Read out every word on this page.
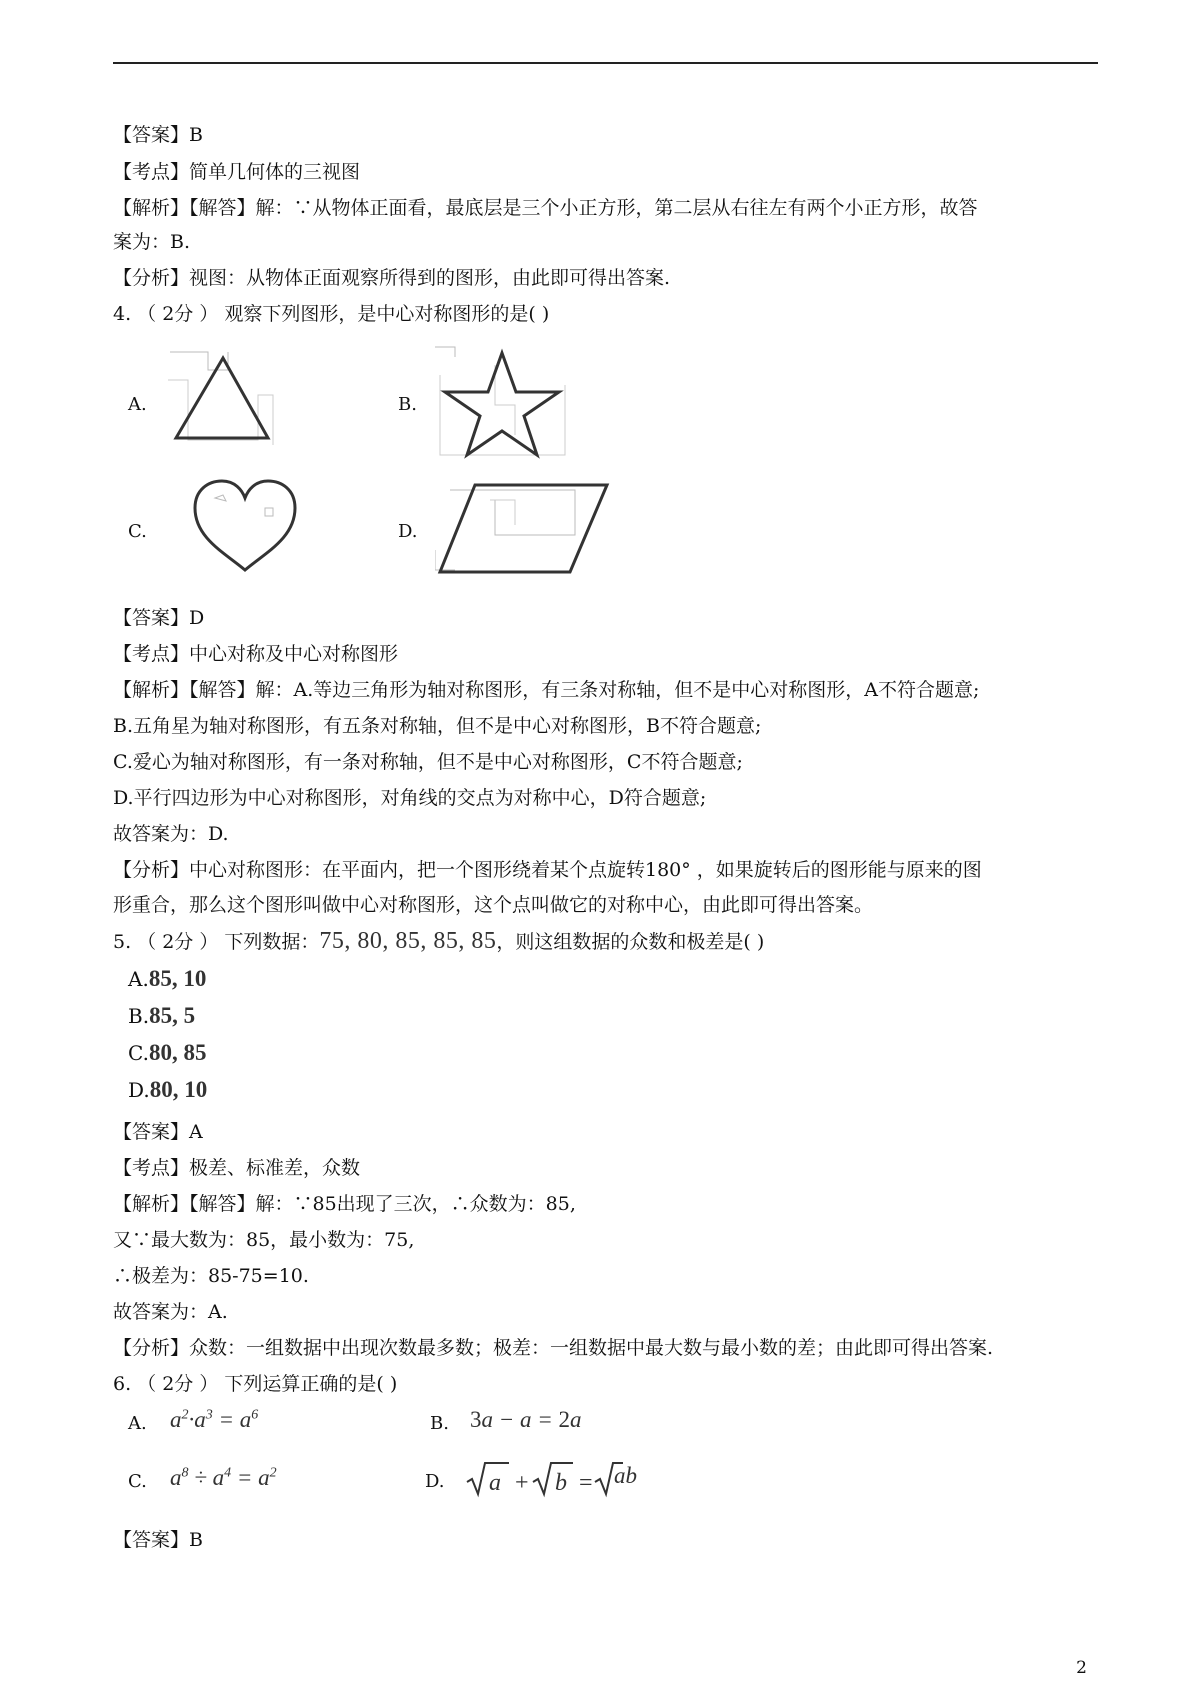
【答案】B
【考点】简单几何体的三视图
【解析】【解答】解：∵从物体正面看，最底层是三个小正方形，第二层从右往左有两个小正方形，故答
案为：B.
【分析】视图：从物体正面观察所得到的图形，由此即可得出答案.
4. （ 2分 ） 观察下列图形，是中心对称图形的是( )
A.	B.
C.	D.
【答案】D
【考点】中心对称及中心对称图形
【解析】【解答】解：A.等边三角形为轴对称图形，有三条对称轴，但不是中心对称图形，A不符合题意;
B.五角星为轴对称图形，有五条对称轴，但不是中心对称图形，B不符合题意;
C.爱心为轴对称图形，有一条对称轴，但不是中心对称图形，C不符合题意;
D.平行四边形为中心对称图形，对角线的交点为对称中心，D符合题意;
故答案为：D.
【分析】中心对称图形：在平面内，把一个图形绕着某个点旋转180° ，如果旋转后的图形能与原来的图
形重合，那么这个图形叫做中心对称图形，这个点叫做它的对称中心，由此即可得出答案。
5. （ 2分 ） 下列数据：75, 80, 85, 85, 85，则这组数据的众数和极差是( )
A.85, 10
B.85, 5
C.80, 85
D.80, 10
【答案】A
【考点】极差、标准差，众数
【解析】【解答】解：∵85出现了三次，∴众数为：85,
又∵最大数为：85，最小数为：75,
∴极差为：85-75=10.
故答案为：A.
【分析】众数：一组数据中出现次数最多数；极差：一组数据中最大数与最小数的差；由此即可得出答案.
6. （ 2分 ） 下列运算正确的是( )
A. $a^2\cdot a^3 = a^6$	B. 3a − a = 2a
C. $a^8 \div a^4 = a^2$	D. a + b = ab
【答案】B
2
